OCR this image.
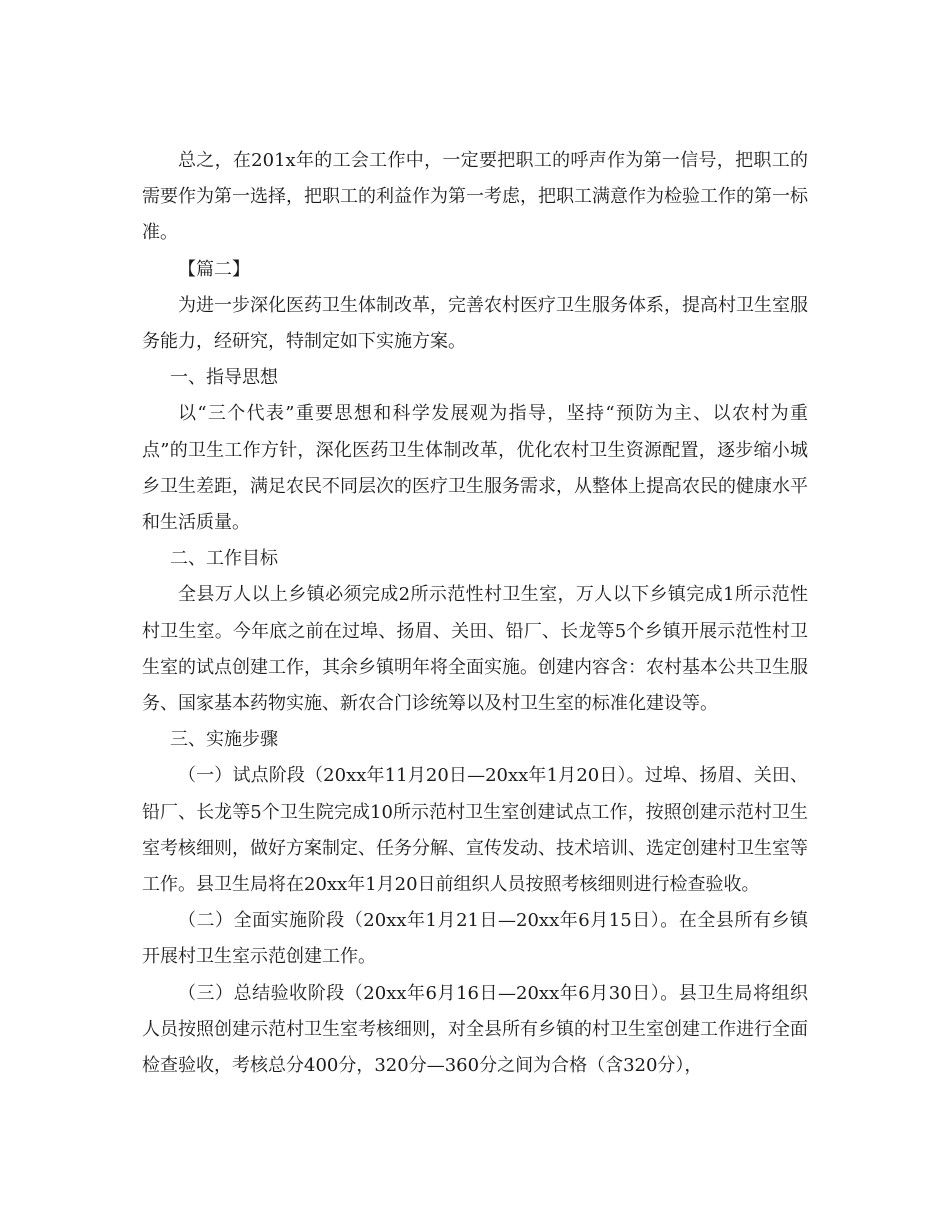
总之，在201x年的工会工作中，一定要把职工的呼声作为第一信号，把职工的需要作为第一选择，把职工的利益作为第一考虑，把职工满意作为检验工作的第一标准。

【篇二】

为进一步深化医药卫生体制改革，完善农村医疗卫生服务体系，提高村卫生室服务能力，经研究，特制定如下实施方案。

一、指导思想

以“三个代表”重要思想和科学发展观为指导，坚持“预防为主、以农村为重点”的卫生工作方针，深化医药卫生体制改革，优化农村卫生资源配置，逐步缩小城乡卫生差距，满足农民不同层次的医疗卫生服务需求，从整体上提高农民的健康水平和生活质量。

二、工作目标

全县万人以上乡镇必须完成2所示范性村卫生室，万人以下乡镇完成1所示范性村卫生室。今年底之前在过埠、扬眉、关田、铅厂、长龙等5个乡镇开展示范性村卫生室的试点创建工作，其余乡镇明年将全面实施。创建内容含：农村基本公共卫生服务、国家基本药物实施、新农合门诊统筹以及村卫生室的标准化建设等。

三、实施步骤

（一）试点阶段（20xx年11月20日—20xx年1月20日）。过埠、扬眉、关田、铅厂、长龙等5个卫生院完成10所示范村卫生室创建试点工作，按照创建示范村卫生室考核细则，做好方案制定、任务分解、宣传发动、技术培训、选定创建村卫生室等工作。县卫生局将在20xx年1月20日前组织人员按照考核细则进行检查验收。

（二）全面实施阶段（20xx年1月21日—20xx年6月15日）。在全县所有乡镇开展村卫生室示范创建工作。

（三）总结验收阶段（20xx年6月16日—20xx年6月30日）。县卫生局将组织人员按照创建示范村卫生室考核细则，对全县所有乡镇的村卫生室创建工作进行全面检查验收，考核总分400分，320分—360分之间为合格（含320分），
